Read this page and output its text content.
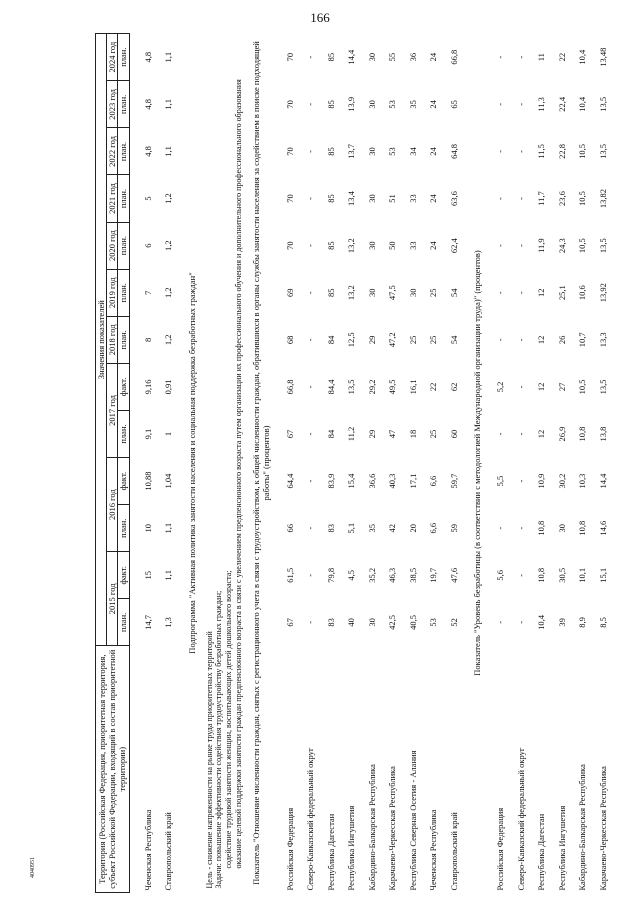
166
4040951	Территория (Российская Федерация, приоритетная территория, субъект Российской Федерации, входящий в состав приоритетной территории)	Значения показателей												
	2015 год		2016 год		2017 год		2018 год	2019 год	2020 год	2021 год	2022 год	2023 год	2024 год
	план.	факт.	план.	факт.	план.	факт.	план.	план.	план.	план.	план.	план.	план.

Чеченская Республика	14,7	15	10	10,88	9,1	9,16	8	7	6	5	4,8	4,8	4,8
Ставропольский край	1,3	1,1	1,1	1,04	1	0,91	1,2	1,2	1,2	1,2	1,1	1,1	1,1

Подпрограмма "Активная политика занятости населения и социальная поддержка безработных граждан"													

Цель - снижение напряженности на рынке труда приоритетных территорий													
Задачи: повышение эффективности содействия трудоустройству безработных граждан;													
содействие трудовой занятости женщин, воспитывающих детей дошкольного возраста;													
оказание целевой поддержки занятости граждан предпенсионного возраста в связи с увеличением предпенсионного возраста путем организации их профессионального обучения и дополнительного профессионального образования													

Показатель "Отношение численности граждан, снятых с регистрационного учета в связи с трудоустройством, к общей численности граждан, обратившихся в органы службы занятости населения за содействием в поиске подходящей работы" (процентов)													

Российская Федерация	67	61,5	66	64,4	67	66,8	68	69	70	70	70	70	70
Северо-Кавказский федеральный округ	-	-	-	-	-	-	-	-	-	-	-	-	-
Республика Дагестан	83	79,8	83	83,9	84	84,4	84	85	85	85	85	85	85
Республика Ингушетия	40	4,5	5,1	15,4	11,2	13,5	12,5	13,2	13,2	13,4	13,7	13,9	14,4
Кабардино-Балкарская Республика	30	35,2	35	36,6	29	29,2	29	30	30	30	30	30	30
Карачаево-Черкесская Республика	42,5	46,3	42	40,3	47	49,5	47,2	47,5	50	51	53	53	55
Республика Северная Осетия - Алания	40,5	38,5	20	17,1	18	16,1	25	30	33	33	34	35	36
Чеченская Республика	53	19,7	6,6	6,6	25	22	25	25	24	24	24	24	24
Ставропольский край	52	47,6	59	59,7	60	62	54	54	62,4	63,6	64,8	65	66,8

Показатель "Уровень безработицы (в соответствии с методологией Международной организации труда)" (процентов)													

Российская Федерация	-	5,6	-	5,5	-	5,2	-	-	-	-	-	-	-
Северо-Кавказский федеральный округ	-	-	-	-	-	-	-	-	-	-	-	-	-
Республика Дагестан	10,4	10,8	10,8	10,9	12	12	12	12	11,9	11,7	11,5	11,3	11
Республика Ингушетия	39	30,5	30	30,2	26,9	27	26	25,1	24,3	23,6	22,8	22,4	22
Кабардино-Балкарская Республика	8,9	10,1	10,8	10,3	10,8	10,5	10,7	10,6	10,5	10,5	10,5	10,4	10,4
Карачаево-Черкесская Республика	8,5	15,1	14,6	14,4	13,8	13,5	13,3	13,92	13,5	13,82	13,5	13,5	13,48
